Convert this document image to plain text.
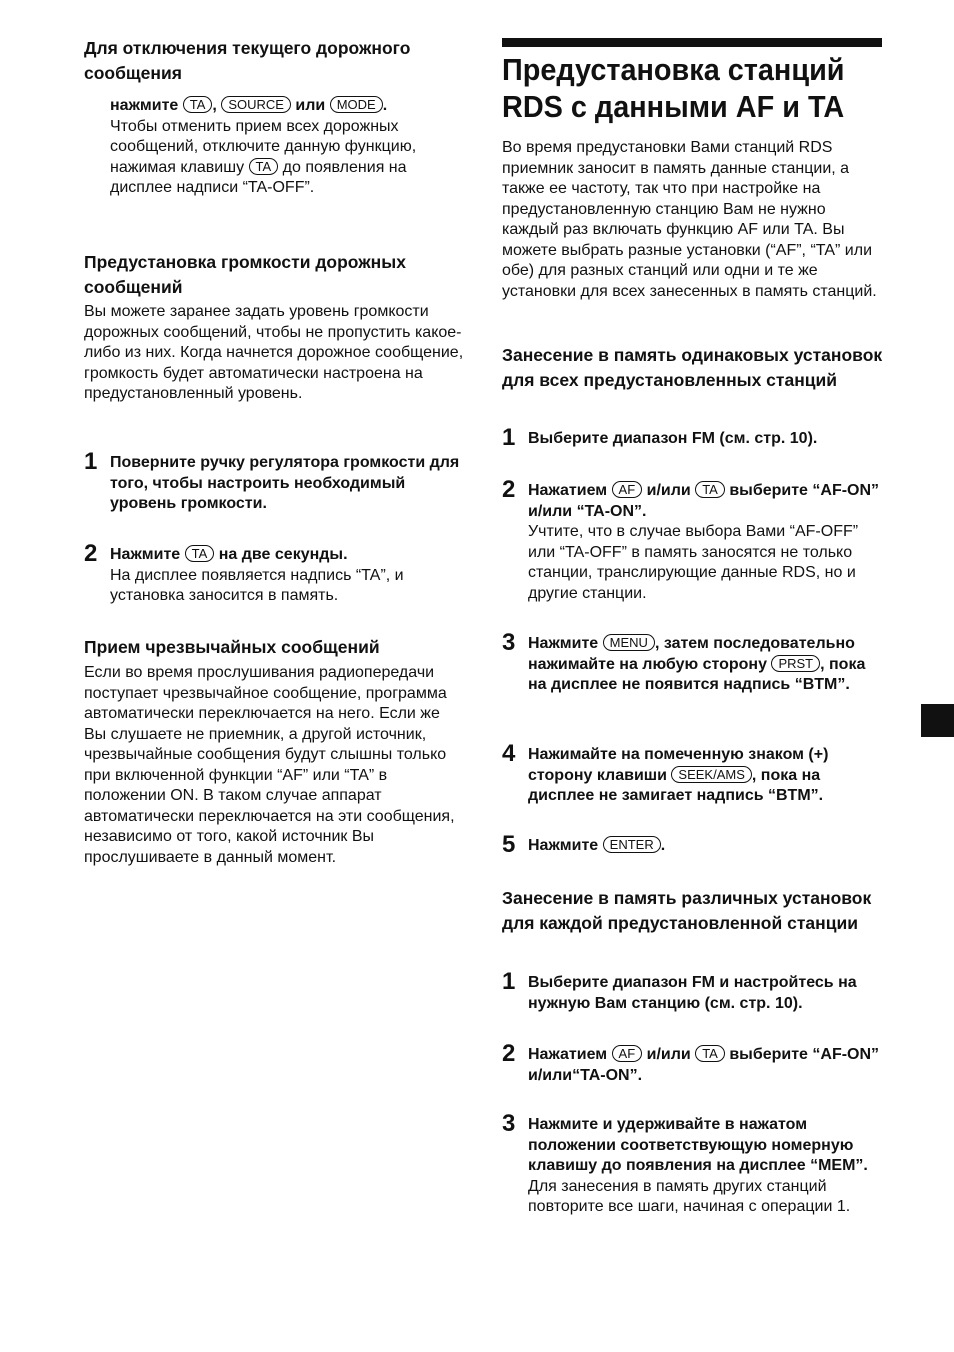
Для отключения текущего дорожного сообщения

нажмите TA , SOURCE или MODE .
Чтобы отменить прием всех дорожных сообщений, отключите данную функцию, нажимая клавишу TA до появления на дисплее надписи “TA-OFF”.

Предустановка громкости дорожных сообщений

Вы можете заранее задать уровень громкости дорожных сообщений, чтобы не пропустить какое-либо из них. Когда начнется дорожное сообщение, громкость будет автоматически настроена на предустановленный уровень.

1 Поверните ручку регулятора громкости для того, чтобы настроить необходимый уровень громкости.

2 Нажмите TA на две секунды.
На дисплее появляется надпись “TA”, и установка заносится в память.

Прием чрезвычайных сообщений

Если во время прослушивания радиопередачи поступает чрезвычайное сообщение, программа автоматически переключается на него. Если же Вы слушаете не приемник, а другой источник, чрезвычайные сообщения будут слышны только при включенной функции “AF” или “TA” в положении ON. В таком случае аппарат автоматически переключается на эти сообщения, независимо от того, какой источник Вы прослушиваете в данный момент.

Предустановка станций
RDS с данными AF и TA

Во время предустановки Вами станций RDS приемник заносит в память данные станции, а также ее частоту, так что при настройке на предустановленную станцию Вам не нужно каждый раз включать функцию AF или TA. Вы можете выбрать разные установки (“AF”, “TA” или обе) для разных станций или одни и те же установки для всех занесенных в память станций.

Занесение в память одинаковых установок для всех предустановленных станций
1 Выберите диапазон FM (см. стр. 10).

2 Нажатием AF и/или TA выберите “AF-ON” и/или “TA-ON”.
Учтите, что в случае выбора Вами “AF-OFF” или “TA-OFF” в память заносятся не только станции, транслирующие данные RDS, но и другие станции.

3 Нажмите MENU , затем последовательно нажимайте на любую сторону PRST , пока на дисплее не появится надпись “BTM”.

4 Нажимайте на помеченную знаком (+) сторону клавиши SEEK/AMS , пока на дисплее не замигает надпись “BTM”.

5 Нажмите ENTER .

Занесение в память различных установок для каждой предустановленной станции
1 Выберите диапазон FM и настройтесь на нужную Вам станцию (см. стр. 10).

2 Нажатием AF и/или TA выберите “AF-ON” и/или“TA-ON”.

3 Нажмите и удерживайте в нажатом положении соответствующую номерную клавишу до появления на дисплее “MEM”.
Для занесения в память других станций повторите все шаги, начиная с операции 1.
